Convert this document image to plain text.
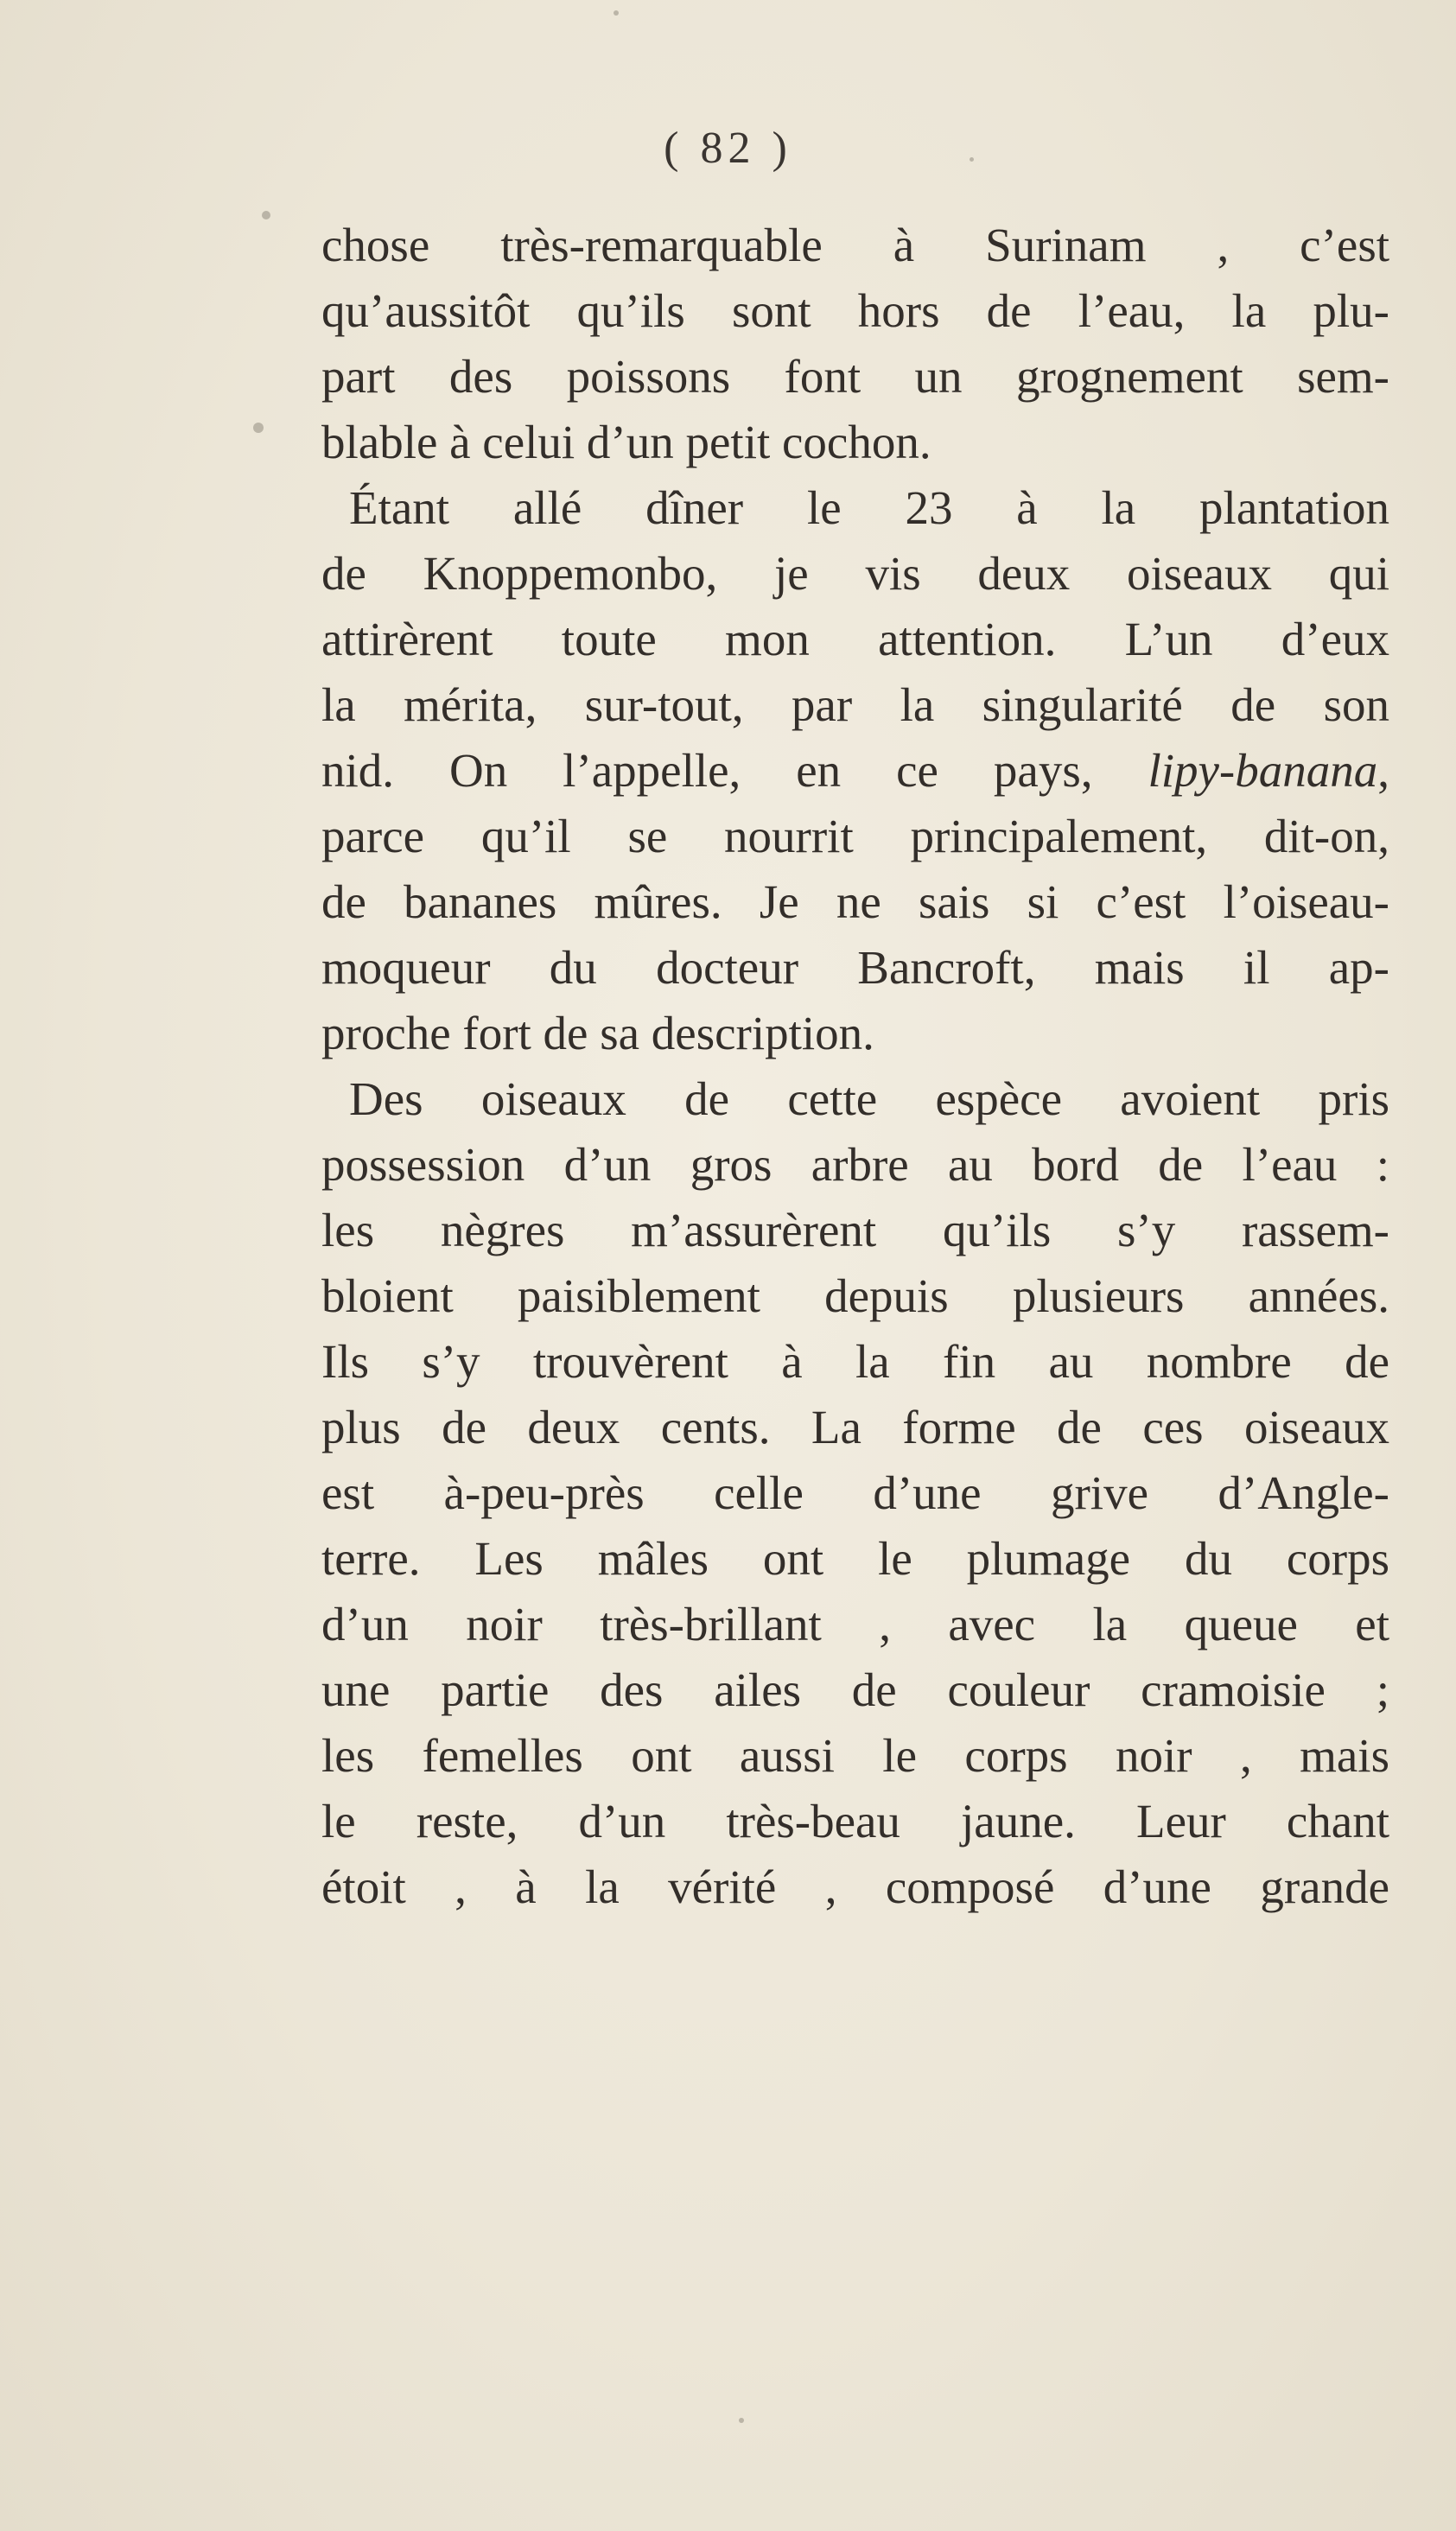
( 82 )
chose très-remarquable à Surinam , c’est
qu’aussitôt qu’ils sont hors de l’eau, la plu-
part des poissons font un grognement sem-
blable à celui d’un petit cochon.
Étant allé dîner le 23 à la plantation
de Knoppemonbo, je vis deux oiseaux qui
attirèrent toute mon attention. L’un d’eux
la mérita, sur-tout, par la singularité de son
nid. On l’appelle, en ce pays, lipy-banana,
parce qu’il se nourrit principalement, dit-on,
de bananes mûres. Je ne sais si c’est l’oiseau-
moqueur du docteur Bancroft, mais il ap-
proche fort de sa description.
Des oiseaux de cette espèce avoient pris
possession d’un gros arbre au bord de l’eau :
les nègres m’assurèrent qu’ils s’y rassem-
bloient paisiblement depuis plusieurs années.
Ils s’y trouvèrent à la fin au nombre de
plus de deux cents. La forme de ces oiseaux
est à-peu-près celle d’une grive d’Angle-
terre. Les mâles ont le plumage du corps
d’un noir très-brillant , avec la queue et
une partie des ailes de couleur cramoisie ;
les femelles ont aussi le corps noir , mais
le reste, d’un très-beau jaune. Leur chant
étoit , à la vérité , composé d’une grande
